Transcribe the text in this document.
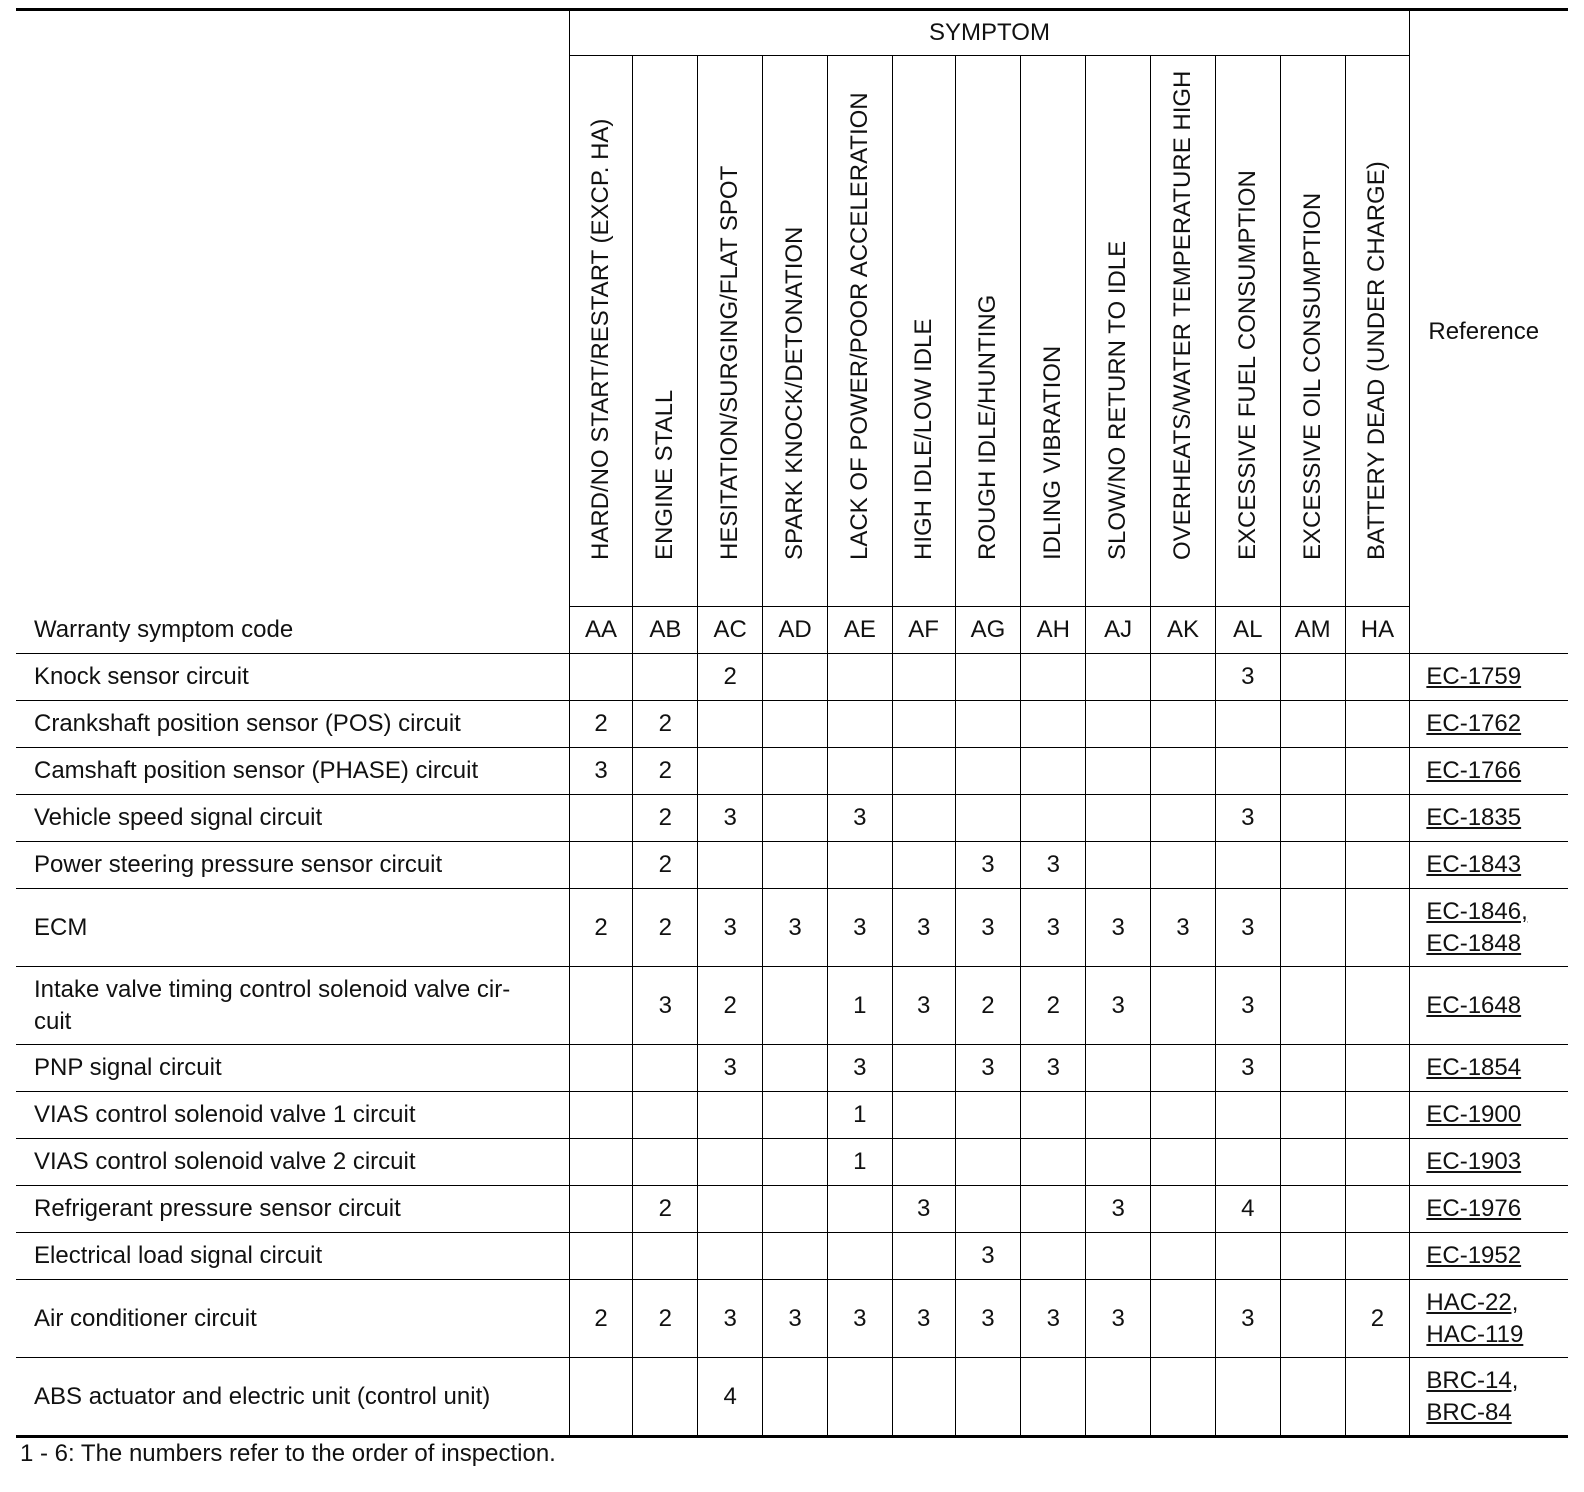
	SYMPTOM													Reference

	HARD/NO START/RESTART (EXCP. HA)	ENGINE STALL	HESITATION/SURGING/FLAT SPOT	SPARK KNOCK/DETONATION	LACK OF POWER/POOR ACCELERATION	HIGH IDLE/LOW IDLE	ROUGH IDLE/HUNTING	IDLING VIBRATION	SLOW/NO RETURN TO IDLE	OVERHEATS/WATER TEMPERATURE HIGH	EXCESSIVE FUEL CONSUMPTION	EXCESSIVE OIL CONSUMPTION	BATTERY DEAD (UNDER CHARGE)	

Warranty symptom code	AA	AB	AC	AD	AE	AF	AG	AH	AJ	AK	AL	AM	HA	
Knock sensor circuit			2								3			EC-1759

Crankshaft position sensor (POS) circuit	2	2												EC-1762

Camshaft position sensor (PHASE) circuit	3	2												EC-1766

Vehicle speed signal circuit		2	3		3						3			EC-1835

Power steering pressure sensor circuit		2					3	3						EC-1843

ECM	2	2	3	3	3	3	3	3	3	3	3			EC-1846,
EC-1848

Intake valve timing control solenoid valve cir-
cuit		3	2		1	3	2	2	3		3			EC-1648

PNP signal circuit			3		3		3	3			3			EC-1854

VIAS control solenoid valve 1 circuit					1									EC-1900

VIAS control solenoid valve 2 circuit					1									EC-1903

Refrigerant pressure sensor circuit		2				3			3		4			EC-1976

Electrical load signal circuit							3							EC-1952

Air conditioner circuit	2	2	3	3	3	3	3	3	3		3		2	HAC-22,
HAC-119

ABS actuator and electric unit (control unit)			4											BRC-14,
BRC-84
1 - 6: The numbers refer to the order of inspection.
